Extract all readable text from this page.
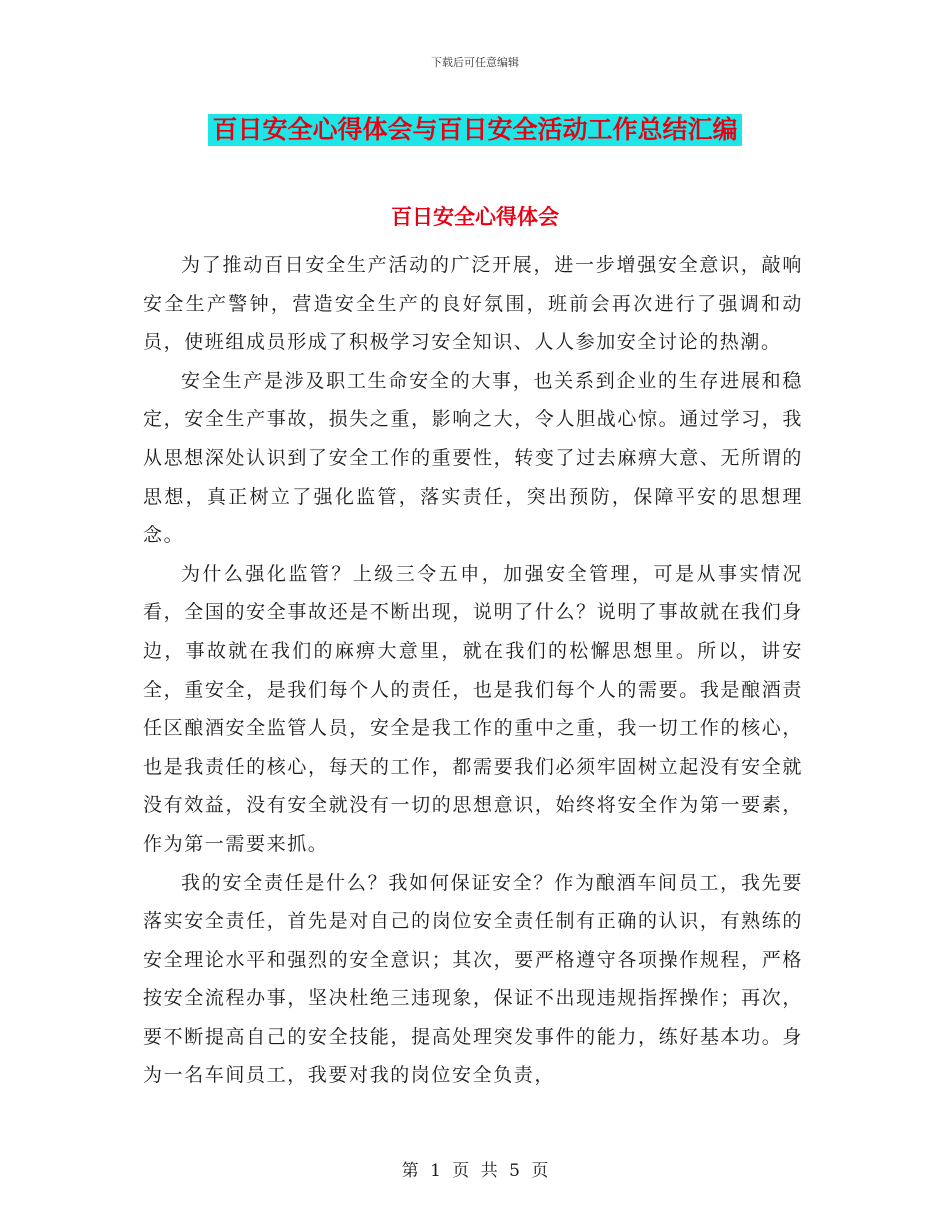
下载后可任意编辑
百日安全心得体会与百日安全活动工作总结汇编
百日安全心得体会

为了推动百日安全生产活动的广泛开展，进一步增强安全意识，敲响安全生产警钟，营造安全生产的良好氛围，班前会再次进行了强调和动员，使班组成员形成了积极学习安全知识、人人参加安全讨论的热潮。

安全生产是涉及职工生命安全的大事，也关系到企业的生存进展和稳定，安全生产事故，损失之重，影响之大，令人胆战心惊。通过学习，我从思想深处认识到了安全工作的重要性，转变了过去麻痹大意、无所谓的思想，真正树立了强化监管，落实责任，突出预防，保障平安的思想理念。

为什么强化监管？上级三令五申，加强安全管理，可是从事实情况看，全国的安全事故还是不断出现，说明了什么？说明了事故就在我们身边，事故就在我们的麻痹大意里，就在我们的松懈思想里。所以，讲安全，重安全，是我们每个人的责任，也是我们每个人的需要。我是酿酒责任区酿酒安全监管人员，安全是我工作的重中之重，我一切工作的核心，也是我责任的核心，每天的工作，都需要我们必须牢固树立起没有安全就没有效益，没有安全就没有一切的思想意识，始终将安全作为第一要素，作为第一需要来抓。

我的安全责任是什么？我如何保证安全？作为酿酒车间员工，我先要落实安全责任，首先是对自己的岗位安全责任制有正确的认识，有熟练的安全理论水平和强烈的安全意识；其次，要严格遵守各项操作规程，严格按安全流程办事，坚决杜绝三违现象，保证不出现违规指挥操作；再次，要不断提高自己的安全技能，提高处理突发事件的能力，练好基本功。身为一名车间员工，我要对我的岗位安全负责，

第 1 页 共 5 页
